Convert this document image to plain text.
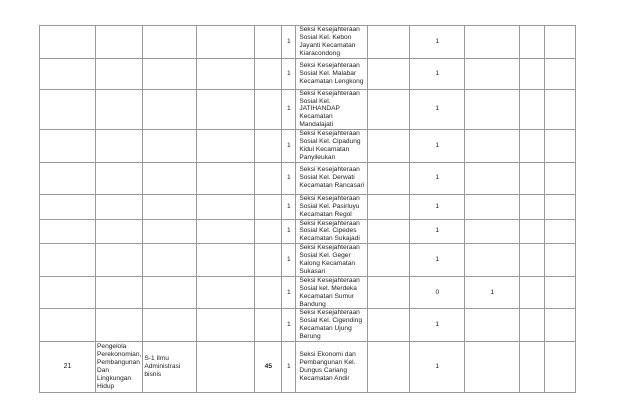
					1	Seksi Kesejahteraan Sosial Kel. Kebon Jayanti Kecamatan Kiaracondong		1			
					1	Seksi Kesejahteraan Sosial Kel. Malabar Kecamatan Lengkong		1			
					1	Seksi Kesejahteraan Sosial Kel. JATIHANDAP Kecamatan Mandalajati		1			
					1	Seksi Kesejahteraan Sosial Kel. Cipadung Kidul Kecamatan Panyileukan		1			
					1	Seksi Kesejahteraan Sosial Kel. Derwati Kecamatan Rancasari		1			
					1	Seksi Kesejahteraan Sosial Kel. Pasirluyu Kecamatan Regol		1			
					1	Seksi Kesejahteraan Sosial Kel. Cipedes Kecamatan Sukajadi		1			
					1	Seksi Kesejahteraan Sosial Kel. Geger Kalong Kecamatan Sukasari		1			
					1	Seksi Kesejahteraan Sosial kel. Merdeka Kecamatan Sumur Bandung		0	1		
					1	Seksi Kesejahteraan Sosial Kel. Cigending Kecamatan Ujung Berung		1			
21	Pengelola Perekonomian, Pembangunan Dan Lingkungan Hidup	S-1 Ilmu Administrasi bisnis		45	1	Seksi Ekonomi dan Pembangunan Kel. Dungus Cariang Kecamatan Andir		1			
